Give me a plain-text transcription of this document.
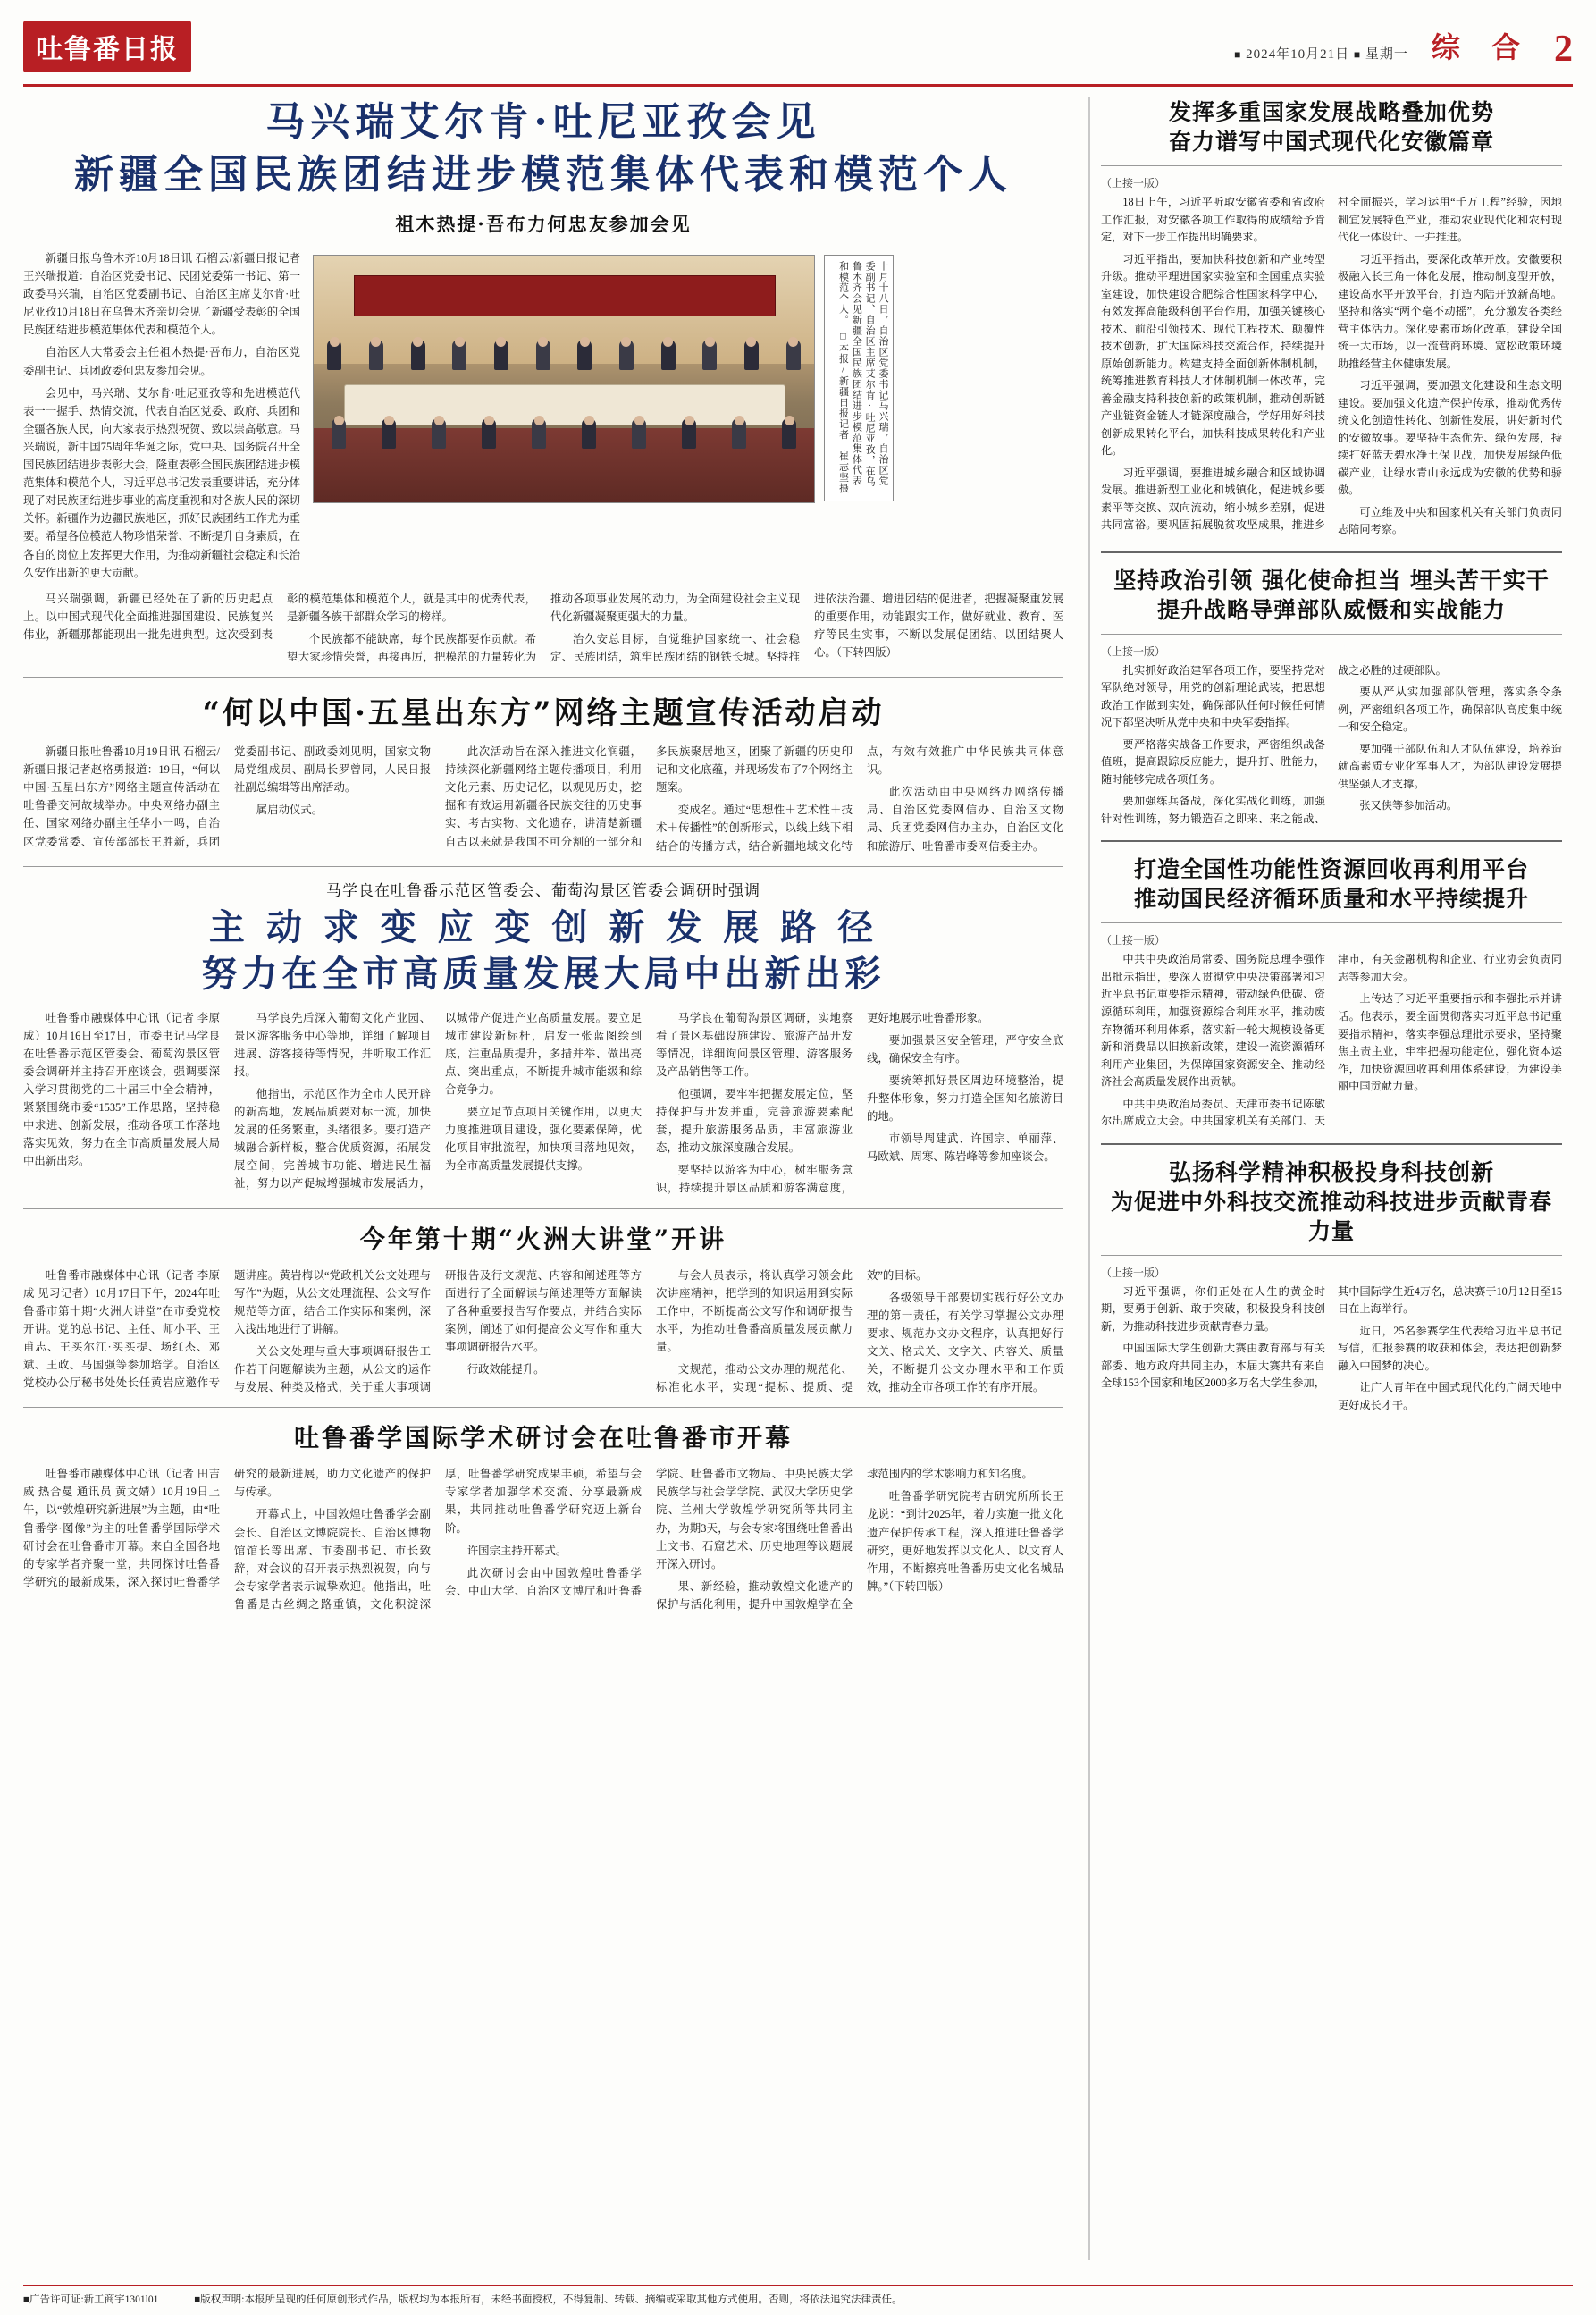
吐鲁番日报	■ 2024年10月21日 ■ 星期一 综 合 2
马兴瑞艾尔肯·吐尼亚孜会见
新疆全国民族团结进步模范集体代表和模范个人
祖木热提·吾布力何忠友参加会见

新疆日报乌鲁木齐10月18日讯 石榴云/新疆日报记者王兴瑞报道：自治区党委书记、民团党委第一书记、第一政委马兴瑞，自治区党委副书记、自治区主席艾尔肯·吐尼亚孜10月18日在乌鲁木齐亲切会见了新疆受表彰的全国民族团结进步模范集体代表和模范个人。

自治区人大常委会主任祖木热提·吾布力，自治区党委副书记、兵团政委何忠友参加会见。

会见中，马兴瑞、艾尔肯·吐尼亚孜等和先进模范代表一一握手、热情交流，代表自治区党委、政府、兵团和全疆各族人民，向大家表示热烈祝贺、致以崇高敬意。马兴瑞说，新中国75周年华诞之际，党中央、国务院召开全国民族团结进步表彰大会，隆重表彰全国民族团结进步模范集体和模范个人，习近平总书记发表重要讲话，充分体现了对民族团结进步事业的高度重视和对各族人民的深切关怀。新疆作为边疆民族地区，抓好民族团结工作尤为重要。希望各位模范人物珍惜荣誉、不断提升自身素质，在各自的岗位上发挥更大作用，为推动新疆社会稳定和长治久安作出新的更大贡献。

十月十八日，自治区党委书记马兴瑞，自治区党委副书记、自治区主席艾尔肯·吐尼亚孜，在乌鲁木齐会见新疆全国民族团结进步模范集体代表和模范个人。　□本报/新疆日报记者　崔志坚摄

马兴瑞强调，新疆已经处在了新的历史起点上。以中国式现代化全面推进强国建设、民族复兴伟业，新疆那都能现出一批先进典型。这次受到表彰的模范集体和模范个人，就是其中的优秀代表，是新疆各族干部群众学习的榜样。

个民族都不能缺席，每个民族都要作贡献。希望大家珍惜荣誉，再接再厉，把模范的力量转化为推动各项事业发展的动力，为全面建设社会主义现代化新疆凝聚更强大的力量。

治久安总目标，自觉维护国家统一、社会稳定、民族团结，筑牢民族团结的钢铁长城。坚持推进依法治疆、增进团结的促进者，把握凝聚重发展的重要作用，动能跟实工作，做好就业、教育、医疗等民生实事，不断以发展促团结、以团结聚人心。（下转四版）

“何以中国·五星出东方”网络主题宣传活动启动

新疆日报吐鲁番10月19日讯 石榴云/新疆日报记者赵格勇报道：19日，“何以中国·五星出东方”网络主题宣传活动在吐鲁番交河故城举办。中央网络办副主任、国家网络办副主任华小一鸣，自治区党委常委、宣传部部长王胜新，兵团党委副书记、副政委刘见明，国家文物局党组成员、副局长罗曾同，人民日报社副总编辑等出席活动。

属启动仪式。

此次活动旨在深入推进文化润疆，持续深化新疆网络主题传播项目，利用文化元素、历史记忆，以观见历史，挖掘和有效运用新疆各民族交往的历史事实、考古实物、文化遗存，讲清楚新疆自古以来就是我国不可分割的一部分和多民族聚居地区，团聚了新疆的历史印记和文化底蕴，并现场发布了7个网络主题案。

变成名。通过“思想性＋艺术性＋技术＋传播性”的创新形式，以线上线下相结合的传播方式，结合新疆地域文化特点，有效有效推广中华民族共同体意识。

此次活动由中央网络办网络传播局、自治区党委网信办、自治区文物局、兵团党委网信办主办，自治区文化和旅游厅、吐鲁番市委网信委主办。

马学良在吐鲁番示范区管委会、葡萄沟景区管委会调研时强调
主 动 求 变 应 变 创 新 发 展 路 径
努力在全市高质量发展大局中出新出彩

吐鲁番市融媒体中心讯（记者 李原成）10月16日至17日，市委书记马学良在吐鲁番示范区管委会、葡萄沟景区管委会调研并主持召开座谈会，强调要深入学习贯彻党的二十届三中全会精神，紧紧围绕市委“1535”工作思路，坚持稳中求进、创新发展，推动各项工作落地落实见效，努力在全市高质量发展大局中出新出彩。

马学良先后深入葡萄文化产业园、景区游客服务中心等地，详细了解项目进展、游客接待等情况，并听取工作汇报。

他指出，示范区作为全市人民开辟的新高地，发展品质要对标一流，加快发展的任务繁重，头绪很多。要打造产城融合新样板，整合优质资源，拓展发展空间，完善城市功能、增进民生福祉，努力以产促城增强城市发展活力，以城带产促进产业高质量发展。要立足城市建设新标杆，启发一张蓝图绘到底，注重品质提升，多措并举、做出亮点、突出重点，不断提升城市能级和综合竞争力。

要立足节点项目关键作用，以更大力度推进项目建设，强化要素保障，优化项目审批流程，加快项目落地见效，为全市高质量发展提供支撑。

马学良在葡萄沟景区调研，实地察看了景区基础设施建设、旅游产品开发等情况，详细询问景区管理、游客服务及产品销售等工作。

他强调，要牢牢把握发展定位，坚持保护与开发并重，完善旅游要素配套，提升旅游服务品质，丰富旅游业态，推动文旅深度融合发展。

要坚持以游客为中心，树牢服务意识，持续提升景区品质和游客满意度，更好地展示吐鲁番形象。

要加强景区安全管理，严守安全底线，确保安全有序。

要统筹抓好景区周边环境整治，提升整体形象，努力打造全国知名旅游目的地。

市领导周建武、许国宗、单丽萍、马欧斌、周寒、陈岩峰等参加座谈会。

今年第十期“火洲大讲堂”开讲

吐鲁番市融媒体中心讯（记者 李原成 见习记者）10月17日下午，2024年吐鲁番市第十期“火洲大讲堂”在市委党校开讲。党的总书记、主任、师小平、王甫志、王买尔江·买买提、场红杰、邓斌、王政、马国强等参加培学。自治区党校办公厅秘书处处长任黄岩应邀作专题讲座。黄岩梅以“党政机关公文处理与写作”为题，从公文处理流程、公文写作规范等方面，结合工作实际和案例，深入浅出地进行了讲解。

关公文处理与重大事项调研报告工作若干问题解读为主题，从公文的运作与发展、种类及格式，关于重大事项调研报告及行文规范、内容和阐述理等方面进行了全面解读与阐述理等方面解读了各种重要报告写作要点，并结合实际案例，阐述了如何提高公文写作和重大事项调研报告水平。

行政效能提升。

与会人员表示，将认真学习领会此次讲座精神，把学到的知识运用到实际工作中，不断提高公文写作和调研报告水平，为推动吐鲁番高质量发展贡献力量。

文规范，推动公文办理的规范化、标准化水平，实现“提标、提质、提效”的目标。

各级领导干部要切实践行好公文办理的第一责任，有关学习掌握公文办理要求、规范办文办文程序，认真把好行文关、格式关、文字关、内容关、质量关，不断提升公文办理水平和工作质效，推动全市各项工作的有序开展。

吐鲁番学国际学术研讨会在吐鲁番市开幕

吐鲁番市融媒体中心讯（记者 田吉威 热合曼 通讯员 黄文婧）10月19日上午，以“敦煌研究新进展”为主题，由“吐鲁番学·图像”为主的吐鲁番学国际学术研讨会在吐鲁番市开幕。来自全国各地的专家学者齐聚一堂，共同探讨吐鲁番学研究的最新成果，深入探讨吐鲁番学研究的最新进展，助力文化遗产的保护与传承。

开幕式上，中国敦煌吐鲁番学会副会长、自治区文博院院长、自治区博物馆馆长等出席、市委副书记、市长致辞，对会议的召开表示热烈祝贺，向与会专家学者表示诚挚欢迎。他指出，吐鲁番是古丝绸之路重镇，文化积淀深厚，吐鲁番学研究成果丰硕，希望与会专家学者加强学术交流、分享最新成果，共同推动吐鲁番学研究迈上新台阶。

许国宗主持开幕式。

此次研讨会由中国敦煌吐鲁番学会、中山大学、自治区文博厅和吐鲁番学院、吐鲁番市文物局、中央民族大学民族学与社会学学院、武汉大学历史学院、兰州大学敦煌学研究所等共同主办，为期3天，与会专家将围绕吐鲁番出土文书、石窟艺术、历史地理等议题展开深入研讨。

果、新经验，推动敦煌文化遗产的保护与活化利用，提升中国敦煌学在全球范围内的学术影响力和知名度。

吐鲁番学研究院考古研究所所长王龙说：“到计2025年，着力实施一批文化遗产保护传承工程，深入推进吐鲁番学研究，更好地发挥以文化人、以文育人作用，不断擦亮吐鲁番历史文化名城品牌。”（下转四版）

发挥多重国家发展战略叠加优势
奋力谱写中国式现代化安徽篇章
（上接一版）

18日上午，习近平听取安徽省委和省政府工作汇报，对安徽各项工作取得的成绩给予肯定，对下一步工作提出明确要求。

习近平指出，要加快科技创新和产业转型升级。推动平理进国家实验室和全国重点实验室建设，加快建设合肥综合性国家科学中心，有效发挥高能级科创平台作用，加强关键核心技术、前沿引领技术、现代工程技术、颠覆性技术创新，扩大国际科技交流合作，持续提升原始创新能力。构建支持全面创新体制机制，统筹推进教育科技人才体制机制一体改革，完善金融支持科技创新的政策机制，推动创新链产业链资金链人才链深度融合，学好用好科技创新成果转化平台，加快科技成果转化和产业化。

习近平强调，要推进城乡融合和区域协调发展。推进新型工业化和城镇化，促进城乡要素平等交换、双向流动，缩小城乡差别，促进共同富裕。要巩固拓展脱贫攻坚成果，推进乡村全面振兴，学习运用“千万工程”经验，因地制宜发展特色产业，推动农业现代化和农村现代化一体设计、一并推进。

习近平指出，要深化改革开放。安徽要积极融入长三角一体化发展，推动制度型开放，建设高水平开放平台，打造内陆开放新高地。坚持和落实“两个毫不动摇”，充分激发各类经营主体活力。深化要素市场化改革，建设全国统一大市场，以一流营商环境、宽松政策环境助推经营主体健康发展。

习近平强调，要加强文化建设和生态文明建设。要加强文化遗产保护传承，推动优秀传统文化创造性转化、创新性发展，讲好新时代的安徽故事。要坚持生态优先、绿色发展，持续打好蓝天碧水净土保卫战，加快发展绿色低碳产业，让绿水青山永远成为安徽的优势和骄傲。

可立维及中央和国家机关有关部门负责同志陪同考察。

坚持政治引领 强化使命担当 埋头苦干实干
提升战略导弹部队威慑和实战能力
（上接一版）

扎实抓好政治建军各项工作，要坚持党对军队绝对领导，用党的创新理论武装，把思想政治工作做到实处，确保部队任何时候任何情况下都坚决听从党中央和中央军委指挥。

要严格落实战备工作要求，严密组织战备值班，提高跟踪反应能力，提升打、胜能力，随时能够完成各项任务。

要加强练兵备战，深化实战化训练，加强针对性训练，努力锻造召之即来、来之能战、战之必胜的过硬部队。

要从严从实加强部队管理，落实条令条例，严密组织各项工作，确保部队高度集中统一和安全稳定。

要加强干部队伍和人才队伍建设，培养造就高素质专业化军事人才，为部队建设发展提供坚强人才支撑。

张又侠等参加活动。

打造全国性功能性资源回收再利用平台
推动国民经济循环质量和水平持续提升
（上接一版）

中共中央政治局常委、国务院总理李强作出批示指出，要深入贯彻党中央决策部署和习近平总书记重要指示精神，带动绿色低碳、资源循环利用，加强资源综合利用水平，推动废弃物循环利用体系，落实新一轮大规模设备更新和消费品以旧换新政策，建设一流资源循环利用产业集团，为保障国家资源安全、推动经济社会高质量发展作出贡献。

中共中央政治局委员、天津市委书记陈敏尔出席成立大会。中共国家机关有关部门、天津市，有关金融机构和企业、行业协会负责同志等参加大会。

上传达了习近平重要指示和李强批示并讲话。他表示，要全面贯彻落实习近平总书记重要指示精神，落实李强总理批示要求，坚持聚焦主责主业，牢牢把握功能定位，强化资本运作，加快资源回收再利用体系建设，为建设美丽中国贡献力量。

弘扬科学精神积极投身科技创新
为促进中外科技交流推动科技进步贡献青春力量
（上接一版）

习近平强调，你们正处在人生的黄金时期，要勇于创新、敢于突破，积极投身科技创新，为推动科技进步贡献青春力量。

中国国际大学生创新大赛由教育部与有关部委、地方政府共同主办，本届大赛共有来自全球153个国家和地区2000多万名大学生参加，其中国际学生近4万名，总决赛于10月12日至15日在上海举行。

近日，25名参赛学生代表给习近平总书记写信，汇报参赛的收获和体会，表达把创新梦融入中国梦的决心。

让广大青年在中国式现代化的广阔天地中更好成长才干。

■广告许可证:新工商宇1301l01	■版权声明:本报所呈现的任何原创形式作品，版权均为本报所有，未经书面授权，不得复制、转载、摘编或采取其他方式使用。否则，将依法追究法律责任。
